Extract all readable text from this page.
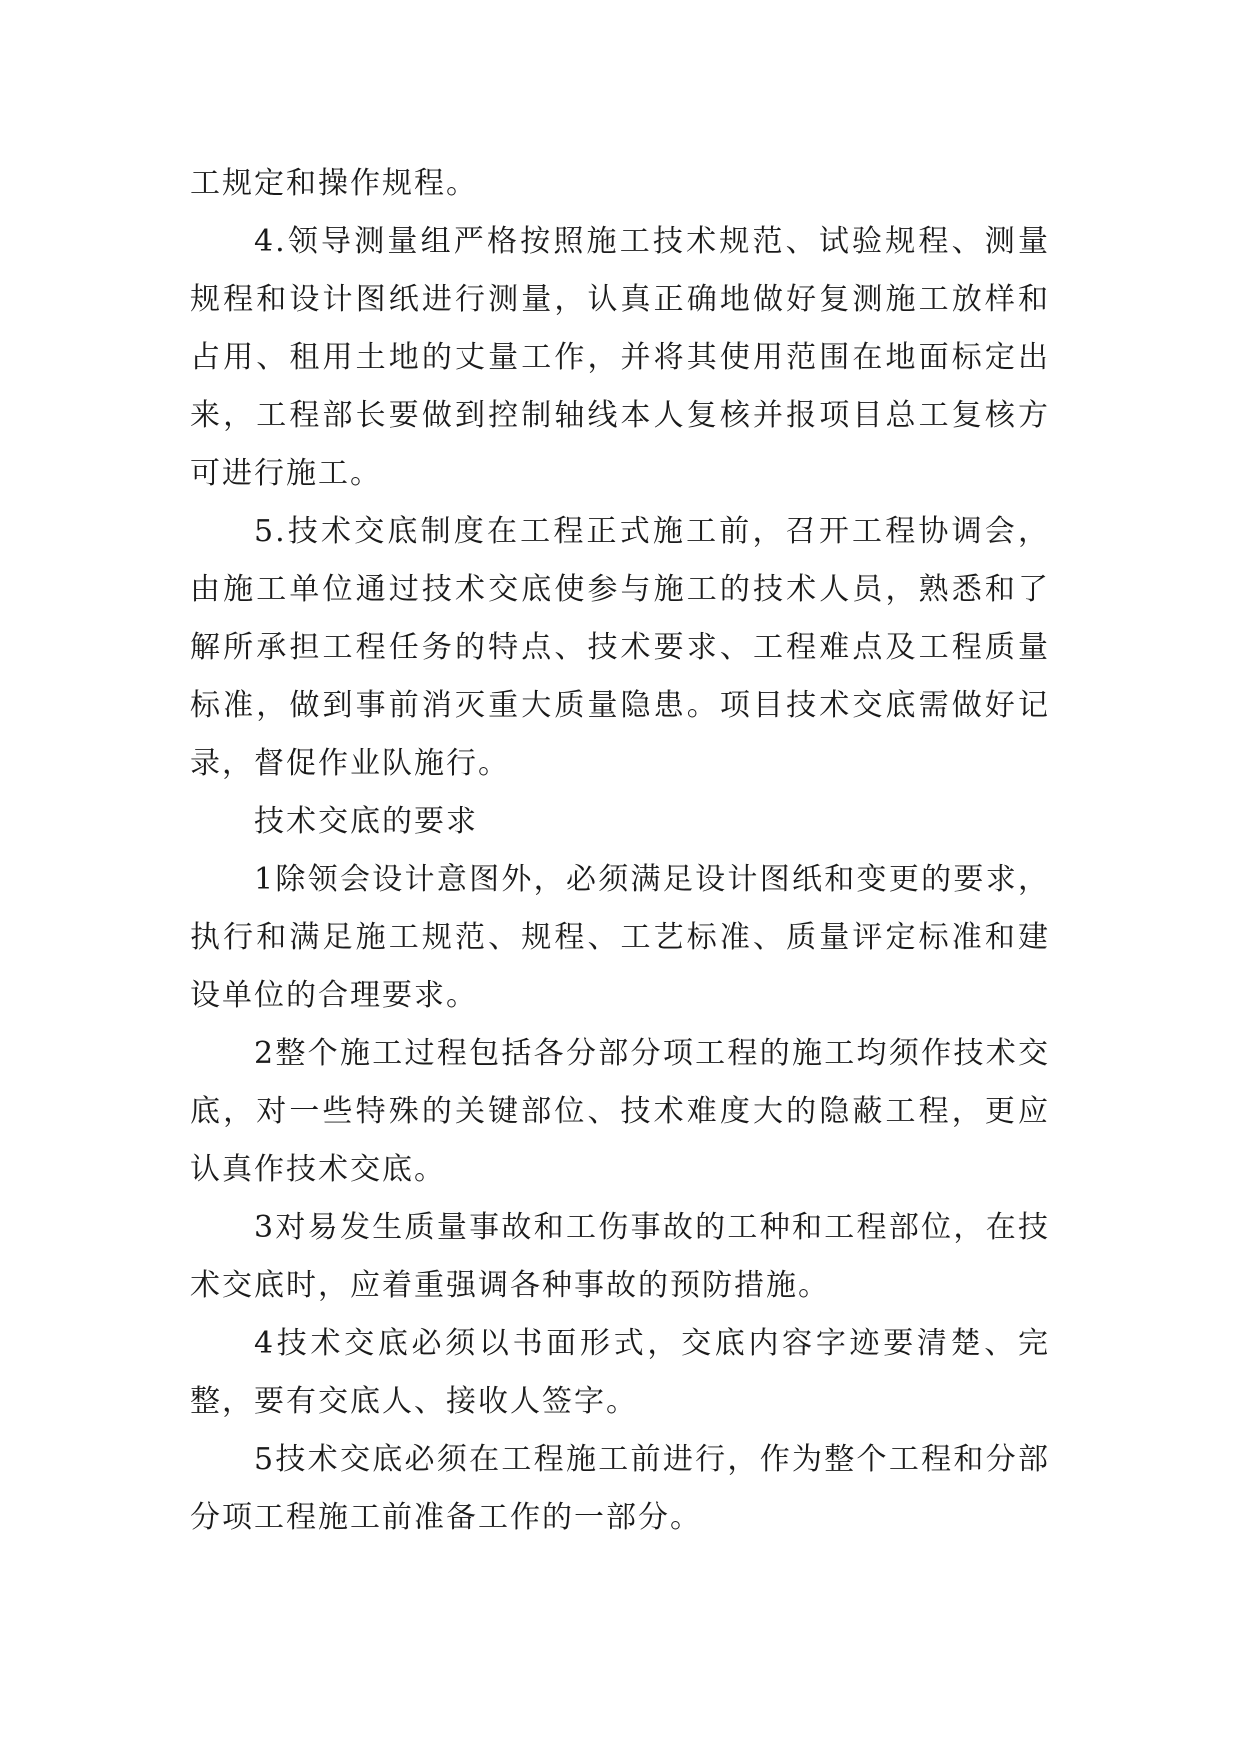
工规定和操作规程。

4.领导测量组严格按照施工技术规范、试验规程、测量规程和设计图纸进行测量，认真正确地做好复测施工放样和占用、租用土地的丈量工作，并将其使用范围在地面标定出来，工程部长要做到控制轴线本人复核并报项目总工复核方可进行施工。

5.技术交底制度在工程正式施工前，召开工程协调会，由施工单位通过技术交底使参与施工的技术人员，熟悉和了解所承担工程任务的特点、技术要求、工程难点及工程质量标准，做到事前消灭重大质量隐患。项目技术交底需做好记录，督促作业队施行。

技术交底的要求

1除领会设计意图外，必须满足设计图纸和变更的要求，执行和满足施工规范、规程、工艺标准、质量评定标准和建设单位的合理要求。

2整个施工过程包括各分部分项工程的施工均须作技术交底，对一些特殊的关键部位、技术难度大的隐蔽工程，更应认真作技术交底。

3对易发生质量事故和工伤事故的工种和工程部位，在技术交底时，应着重强调各种事故的预防措施。

4技术交底必须以书面形式，交底内容字迹要清楚、完整，要有交底人、接收人签字。

5技术交底必须在工程施工前进行，作为整个工程和分部分项工程施工前准备工作的一部分。
